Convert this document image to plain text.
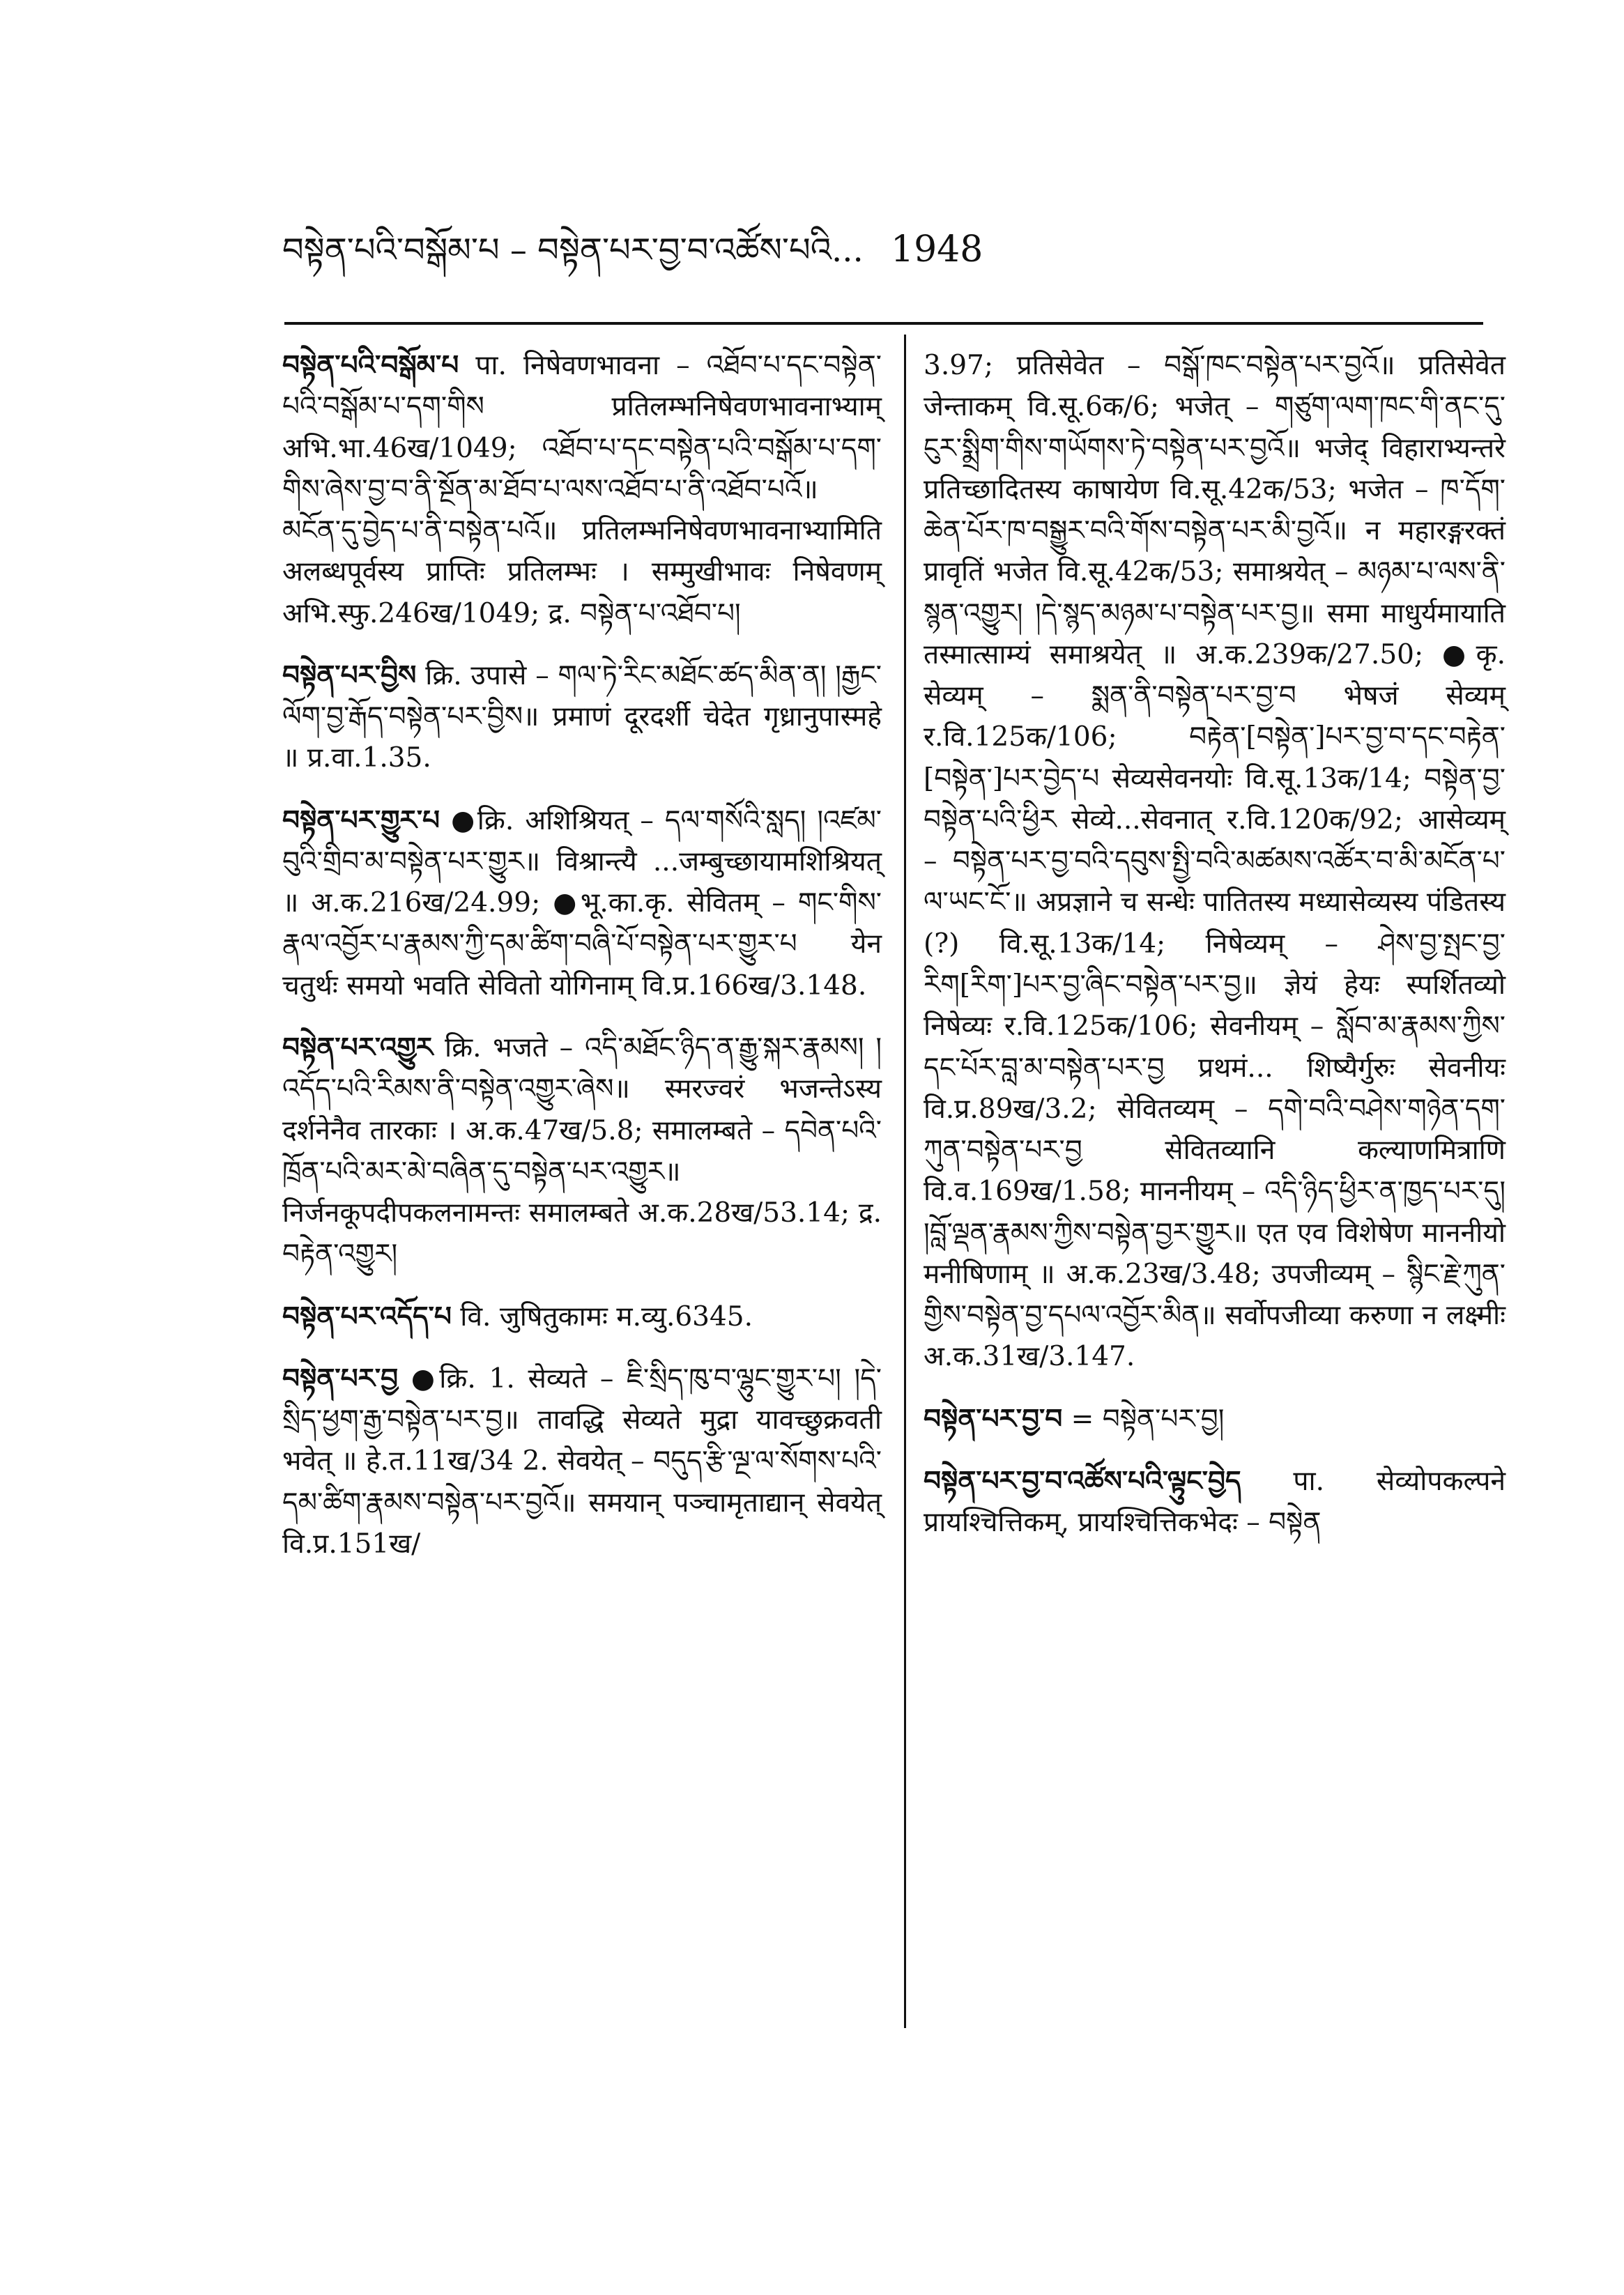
བསྟེན་པའི་བསྒོམ་པ – བསྟེན་པར་བྱ་བ་འཚོས་པའི... 1948

བསྟེན་པའི་བསྒོམ་པ पा. निषेवणभावना – འཐོབ་པ་དང་བསྟེན་པའི་བསྒོམ་པ་དག་གིས प्रतिलम्भनिषेवणभावनाभ्याम् अभि.भा.46ख/1049; འཐོབ་པ་དང་བསྟེན་པའི་བསྒོམ་པ་དག་གིས་ཞེས་བྱ་བ་ནི་སྔོན་མ་ཐོབ་པ་ལས་འཐོབ་པ་ནི་འཐོབ་པའོ॥ མངོན་དུ་བྱེད་པ་ནི་བསྟེན་པའོ॥ प्रतिलम्भनिषेवणभावनाभ्यामिति अलब्धपूर्वस्य प्राप्तिः प्रतिलम्भः । सम्मुखीभावः निषेवणम् अभि.स्फु.246ख/1049; द्र. བསྟེན་པ་འཐོབ་པ།

བསྟེན་པར་བྱིས क्रि. उपासे – གལ་ཏེ་རིང་མཐོང་ཚད་མིན་ན། །རྒྱང་ལོག་བྱ་རྒོད་བསྟེན་པར་བྱིས॥ प्रमाणं दूरदर्शी चेदेत गृध्रानुपास्महे ॥ प्र.वा.1.35.

བསྟེན་པར་གྱུར་པ ●क्रि. अशिश्रियत् – དལ་གསོའི་སླད། །འཛམ་བུའི་གྲིབ་མ་བསྟེན་པར་གྱུར॥ विश्रान्त्यै ...जम्बुच्छायामशिश्रियत् ॥ अ.क.216ख/24.99; ●भू.का.कृ. सेवितम् – གང་གིས་རྣལ་འབྱོར་པ་རྣམས་ཀྱི་དམ་ཚིག་བཞི་པོ་བསྟེན་པར་གྱུར་པ येन चतुर्थः समयो भवति सेवितो योगिनाम् वि.प्र.166ख/3.148.

བསྟེན་པར་འགྱུར क्रि. भजते – འདི་མཐོང་ཉིད་ན་རྒྱུ་སྐར་རྣམས། །འདོད་པའི་རིམས་ནི་བསྟེན་འགྱུར་ཞེས॥ स्मरज्वरं भजन्तेऽस्य दर्शनेनैव तारकाः । अ.क.47ख/5.8; समालम्बते – དབེན་པའི་ཁྲོན་པའི་མར་མེ་བཞིན་དུ་བསྟེན་པར་འགྱུར॥ निर्जनकूपदीपकलनामन्तः समालम्बते अ.क.28ख/53.14; द्र. བརྟེན་འགྱུར།

བསྟེན་པར་འདོད་པ वि. जुषितुकामः म.व्यु.6345.

བསྟེན་པར་བྱ ●क्रि. 1. सेव्यते – ཇི་སྲིད་ཁུ་བ་ལྷུང་གྱུར་པ། །དེ་སྲིད་ཕྱག་རྒྱ་བསྟེན་པར་བྱ॥ तावद्धि सेव्यते मुद्रा यावच्छुक्रवती भवेत् ॥ हे.त.11ख/34 2. सेवयेत् – བདུད་རྩི་ལྔ་ལ་སོགས་པའི་དམ་ཚིག་རྣམས་བསྟེན་པར་བྱའོ॥ समयान् पञ्चामृताद्यान् सेवयेत् वि.प्र.151ख/

3.97; प्रतिसेवेत – བསྒོ་ཁང་བསྟེན་པར་བྱའོ॥ प्रतिसेवेत जेन्ताकम् वि.सू.6क/6; भजेत् – གཙུག་ལག་ཁང་གི་ནང་དུ་ངུར་སྨྲིག་གིས་གཡོགས་ཏེ་བསྟེན་པར་བྱའོ॥ भजेद् विहाराभ्यन्तरे प्रतिच्छादितस्य काषायेण वि.सू.42क/53; भजेत – ཁ་དོག་ཆེན་པོར་ཁ་བསྒྱུར་བའི་གོས་བསྟེན་པར་མི་བྱའོ॥ न महारङ्गरक्तं प्रावृतिं भजेत वि.सू.42क/53; समाश्रयेत् – མཉམ་པ་ལས་ནི་སྙན་འགྱུར། །དེ་སྙད་མཉམ་པ་བསྟེན་པར་བྱ॥ समा माधुर्यमायाति तस्मात्साम्यं समाश्रयेत् ॥ अ.क.239क/27.50; ●कृ. सेव्यम् – སྨན་ནི་བསྟེན་པར་བྱ་བ भेषजं सेव्यम् र.वि.125क/106; བརྟེན་[བསྟེན་]པར་བྱ་བ་དང་བརྟེན་[བསྟེན་]པར་བྱེད་པ सेव्यसेवनयोः वि.सू.13क/14; བསྟེན་བྱ་བསྟེན་པའི་ཕྱིར सेव्ये...सेवनात् र.वि.120क/92; आसेव्यम् – བསྟེན་པར་བྱ་བའི་དབུས་སྤྱི་བའི་མཚམས་འཚོར་བ་མི་མངོན་པ་ལ་ཡང་ངོ་॥ अप्रज्ञाने च सन्धेः पातितस्य मध्यासेव्यस्य पंडितस्य (?) वि.सू.13क/14; निषेव्यम् – ཤེས་བྱ་སྤང་བྱ་རིག[རིག་]པར་བྱ་ཞིང་བསྟེན་པར་བྱ॥ ज्ञेयं हेयः स्पर्शितव्यो निषेव्यः र.वि.125क/106; सेवनीयम् – སློབ་མ་རྣམས་ཀྱིས་དང་པོར་བླ་མ་བསྟེན་པར་བྱ प्रथमं... शिष्यैर्गुरुः सेवनीयः वि.प्र.89ख/3.2; सेवितव्यम् – དགེ་བའི་བཤེས་གཉེན་དག་ཀུན་བསྟེན་པར་བྱ सेवितव्यानि कल्याणमित्राणि वि.व.169ख/1.58; माननीयम् – འདི་ཉིད་ཕྱིར་ན་ཁྱད་པར་དུ། །བློ་ལྡན་རྣམས་ཀྱིས་བསྟེན་བྱར་གྱུར॥ एत एव विशेषेण माननीयो मनीषिणाम् ॥ अ.क.23ख/3.48; उपजीव्यम् – སྙིང་རྗེ་ཀུན་གྱིས་བསྟེན་བྱ་དཔལ་འབྱོར་མིན॥ सर्वोपजीव्या करुणा न लक्ष्मीः अ.क.31ख/3.147.

བསྟེན་པར་བྱ་བ = བསྟེན་པར་བྱ།

བསྟེན་པར་བྱ་བ་འཚོས་པའི་ལྟུང་བྱེད पा. सेव्योपकल्पने प्रायश्चित्तिकम्, प्रायश्चित्तिकभेदः – བསྟེན
